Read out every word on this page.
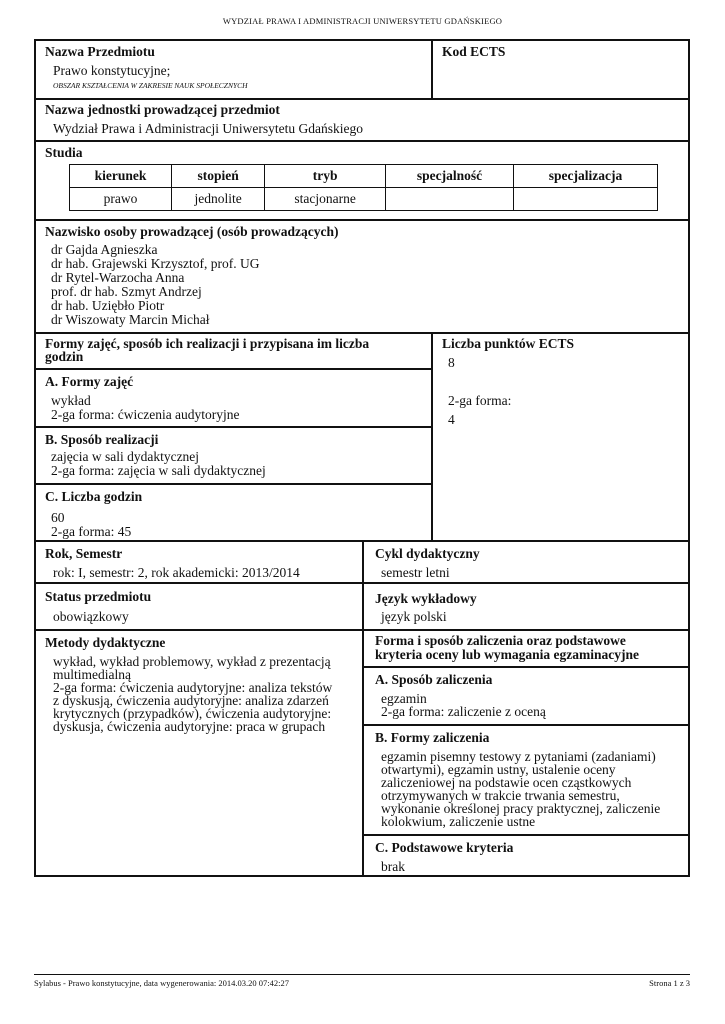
WYDZIAŁ PRAWA I ADMINISTRACJI UNIWERSYTETU GDAŃSKIEGO
Nazwa Przedmiotu
Prawo konstytucyjne;
OBSZAR KSZTAŁCENIA W ZAKRESIE NAUK SPOŁECZNYCH
Kod ECTS
Nazwa jednostki prowadzącej przedmiot
Wydział Prawa i Administracji Uniwersytetu Gdańskiego
Studia
kierunek	stopień	tryb	specjalność	specjalizacja
prawo	jednolite	stacjonarne		
Nazwisko osoby prowadzącej (osób prowadzących)
dr Gajda Agnieszka
dr hab. Grajewski Krzysztof, prof. UG
dr Rytel-Warzocha Anna
prof. dr hab. Szmyt Andrzej
dr hab. Uziębło Piotr
dr Wiszowaty Marcin Michał
Formy zajęć, sposób ich realizacji i przypisana im liczba
godzin
A. Formy zajęć
wykład
2-ga forma: ćwiczenia audytoryjne
B. Sposób realizacji
zajęcia w sali dydaktycznej
2-ga forma: zajęcia w sali dydaktycznej
C. Liczba godzin
60
2-ga forma: 45
Liczba punktów ECTS
8
2-ga forma:
4
Rok, Semestr
rok: I, semestr: 2, rok akademicki: 2013/2014
Cykl dydaktyczny
semestr letni
Status przedmiotu
obowiązkowy
Język wykładowy
język polski
Metody dydaktyczne
wykład, wykład problemowy, wykład z prezentacją
multimedialną
2-ga forma: ćwiczenia audytoryjne: analiza tekstów
z dyskusją, ćwiczenia audytoryjne: analiza zdarzeń
krytycznych (przypadków), ćwiczenia audytoryjne:
dyskusja, ćwiczenia audytoryjne: praca w grupach
Forma i sposób zaliczenia oraz podstawowe
kryteria oceny lub wymagania egzaminacyjne
A. Sposób zaliczenia
egzamin
2-ga forma: zaliczenie z oceną
B. Formy zaliczenia
egzamin pisemny testowy z pytaniami (zadaniami)
otwartymi), egzamin ustny, ustalenie oceny
zaliczeniowej na podstawie ocen cząstkowych
otrzymywanych w trakcie trwania semestru,
wykonanie określonej pracy praktycznej, zaliczenie
kolokwium, zaliczenie ustne
C. Podstawowe kryteria
brak
Sylabus - Prawo konstytucyjne, data wygenerowania: 2014.03.20 07:42:27	Strona 1 z 3
